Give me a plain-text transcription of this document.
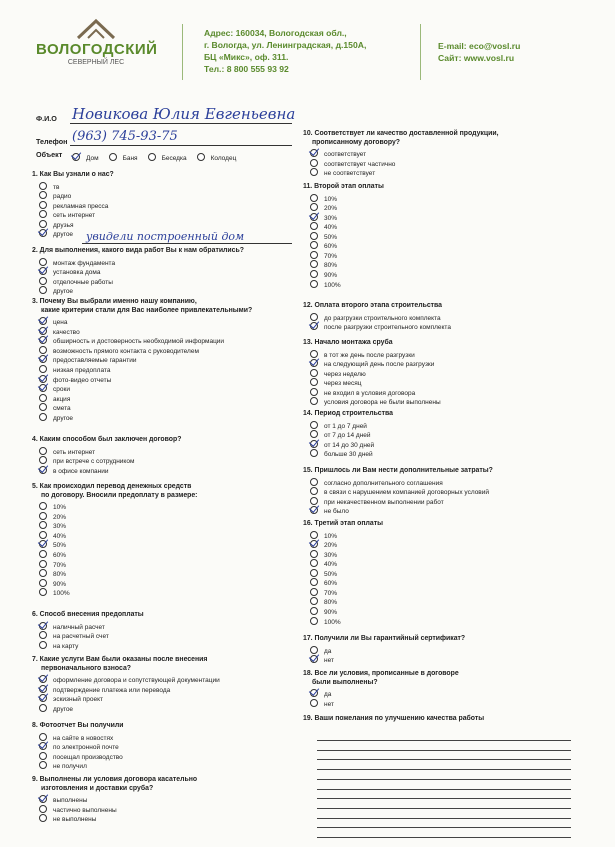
ВОЛОГОДСКИЙ
СЕВЕРНЫЙ ЛЕС
Адрес: 160034, Вологодская обл.,
г. Вологда, ул. Ленинградская, д.150А,
БЦ «Микс», оф. 311.
Тел.: 8 800 555 93 92
E-mail: eco@vosl.ru
Сайт: www.vosl.ru
Ф.И.О Новикова Юлия Евгеньевна
Телефон (963) 745-93-75
Объект	Дом	Баня	Беседка	Колодец
1. Как Вы узнали о нас?
тв
радио
рекламная пресса
сеть интернет
друзья
другое
2. Для выполнения, какого вида работ Вы к нам обратились?
монтаж фундамента
установка дома
отделочные работы
другое
3. Почему Вы выбрали именно нашу компанию,
какие критерии стали для Вас наиболее привлекательными?
цена
качество
обширность и достоверность необходимой информации
возможность прямого контакта с руководителем
предоставляемые гарантии
низкая предоплата
фото-видео отчеты
сроки
акция
смета
другое
4. Каким способом был заключен договор?
сеть интернет
при встрече с сотрудником
в офисе компании
5. Как происходил перевод денежных средств
по договору. Вносили предоплату в размере:
10%
20%
30%
40%
50%
60%
70%
80%
90%
100%
6. Способ внесения предоплаты
наличный расчет
на расчетный счет
на карту
7. Какие услуги Вам были оказаны после внесения
первоначального взноса?
оформление договора и сопутствующей документации
подтверждение платежа или перевода
эскизный проект
другое
8. Фотоотчет Вы получили
на сайте в новостях
по электронной почте
посещал производство
не получил
9. Выполнены ли условия договора касательно
изготовления и доставки сруба?
выполнены
частично выполнены
не выполнены
10. Соответствует ли качество доставленной продукции,
прописанному договору?
соответствует
соответствует частично
не соответствует
11. Второй этап оплаты
10%
20%
30%
40%
50%
60%
70%
80%
90%
100%
12. Оплата второго этапа строительства
до разгрузки строительного комплекта
после разгрузки строительного комплекта
13. Начало монтажа сруба
в тот же день после разгрузки
на следующий день после разгрузки
через неделю
через месяц
не входил в условия договора
условия договора не были выполнены
14. Период строительства
от 1 до 7 дней
от 7 до 14 дней
от 14 до 30 дней
больше 30 дней
15. Пришлось ли Вам нести дополнительные затраты?
согласно дополнительного соглашения
в связи с нарушением компанией договорных условий
при некачественном выполнении работ
не было
16. Третий этап оплаты
10%
20%
30%
40%
50%
60%
70%
80%
90%
100%
17. Получили ли Вы гарантийный сертификат?
да
нет
18. Все ли условия, прописанные в договоре
были выполнены?
да
нет
19. Ваши пожелания по улучшению качества работы
увидели построенный дом
